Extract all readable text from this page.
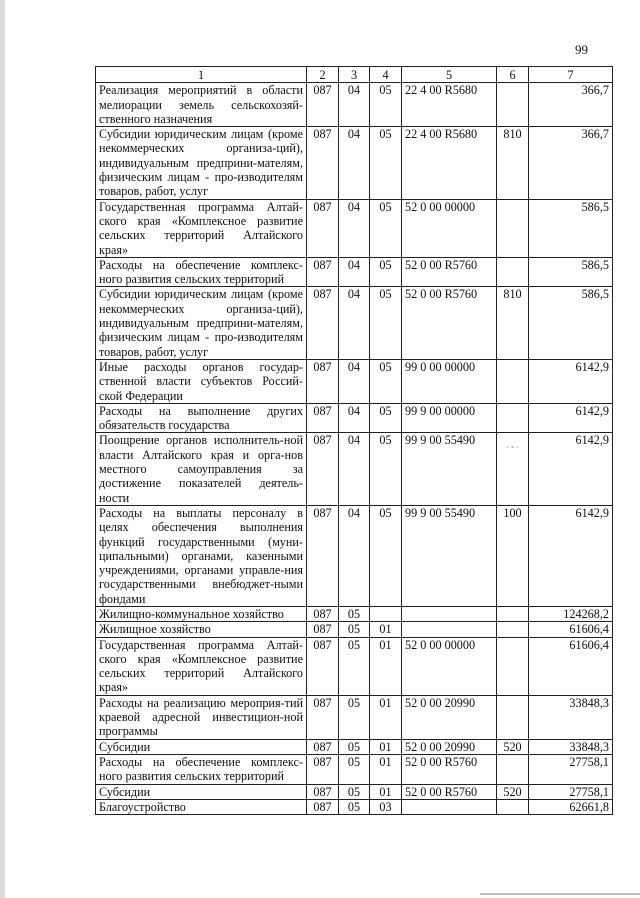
99
1	2	3	4	5	6	7
Реализация мероприятий в области мелиорации земель сельскохозяй-ственного назначения	087	04	05	22 4 00 R5680		366,7
Субсидии юридическим лицам (кроме некоммерческих организа-ций), индивидуальным предприни-мателям, физическим лицам - про-изводителям товаров, работ, услуг	087	04	05	22 4 00 R5680	810	366,7
Государственная программа Алтай-ского края «Комплексное развитие сельских территорий Алтайского края»	087	04	05	52 0 00 00000		586,5
Расходы на обеспечение комплекс-ного развития сельских территорий	087	04	05	52 0 00 R5760		586,5
Субсидии юридическим лицам (кроме некоммерческих организа-ций), индивидуальным предприни-мателям, физическим лицам - про-изводителям товаров, работ, услуг	087	04	05	52 0 00 R5760	810	586,5
Иные расходы органов государ-ственной власти субъектов Россий-ской Федерации	087	04	05	99 0 00 00000		6142,9
Расходы на выполнение других обязательств государства	087	04	05	99 9 00 00000		6142,9
Поощрение органов исполнитель-ной власти Алтайского края и орга-нов местного самоуправления за достижение показателей деятель-ности	087	04	05	99 9 00 55490	˙ ˜ ˙	6142,9
Расходы на выплаты персоналу в целях обеспечения выполнения функций государственными (муни-ципальными) органами, казенными учреждениями, органами управле-ния государственными внебюджет-ными фондами	087	04	05	99 9 00 55490	100	6142,9
Жилищно-коммунальное хозяйство	087	05				124268,2
Жилищное хозяйство	087	05	01			61606,4
Государственная программа Алтай-ского края «Комплексное развитие сельских территорий Алтайского края»	087	05	01	52 0 00 00000		61606,4
Расходы на реализацию мероприя-тий краевой адресной инвестицион-ной программы	087	05	01	52 0 00 20990		33848,3
Субсидии	087	05	01	52 0 00 20990	520	33848,3
Расходы на обеспечение комплекс-ного развития сельских территорий	087	05	01	52 0 00 R5760		27758,1
Субсидии	087	05	01	52 0 00 R5760	520	27758,1
Благоустройство	087	05	03			62661,8
